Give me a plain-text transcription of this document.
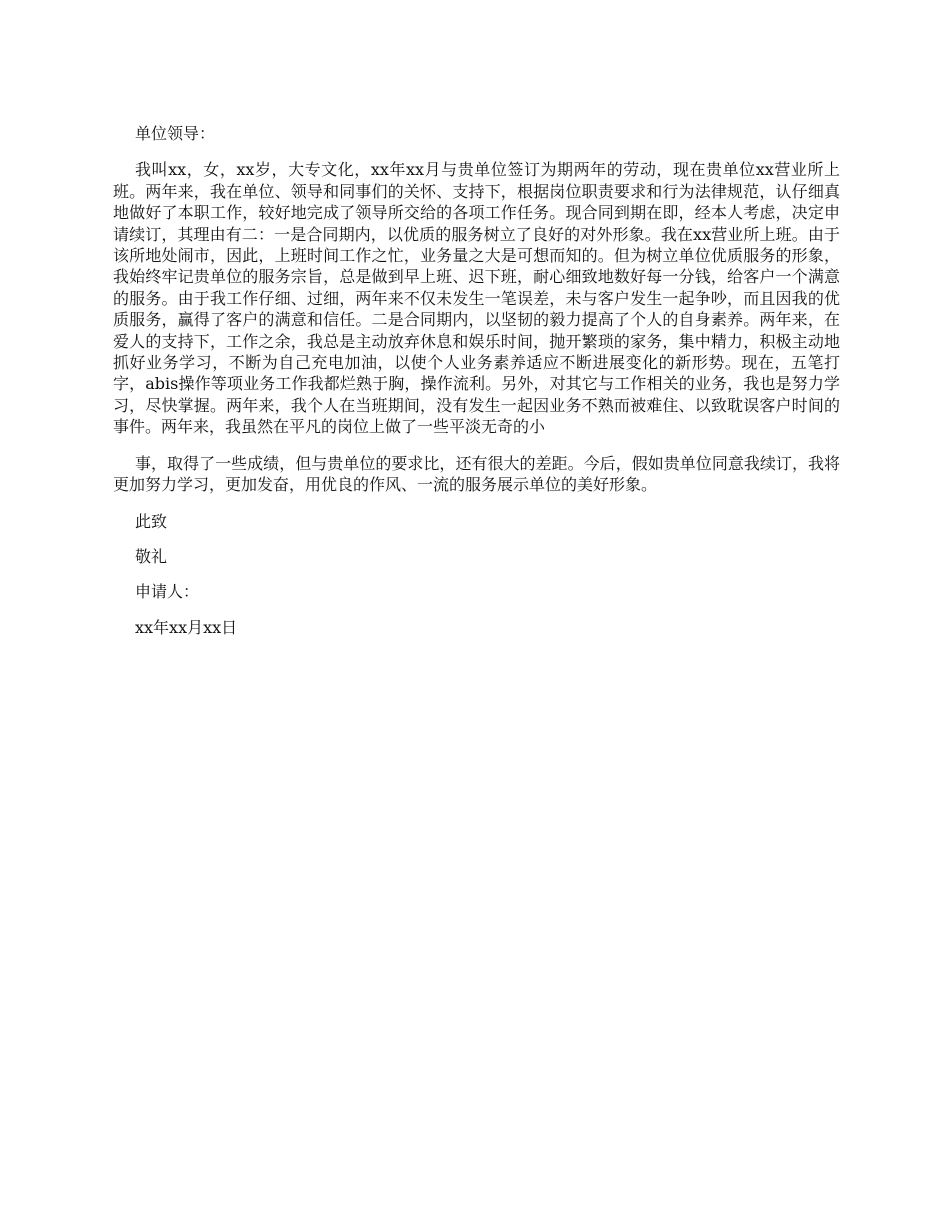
单位领导：
我叫xx，女，xx岁，大专文化，xx年xx月与贵单位签订为期两年的劳动，现在贵单位xx营业所上班。两年来，我在单位、领导和同事们的关怀、支持下，根据岗位职责要求和行为法律规范，认仔细真地做好了本职工作，较好地完成了领导所交给的各项工作任务。现合同到期在即，经本人考虑，决定申请续订，其理由有二：一是合同期内，以优质的服务树立了良好的对外形象。我在xx营业所上班。由于该所地处闹市，因此，上班时间工作之忙，业务量之大是可想而知的。但为树立单位优质服务的形象，我始终牢记贵单位的服务宗旨，总是做到早上班、迟下班，耐心细致地数好每一分钱，给客户一个满意的服务。由于我工作仔细、过细，两年来不仅未发生一笔误差，未与客户发生一起争吵，而且因我的优质服务，赢得了客户的满意和信任。二是合同期内，以坚韧的毅力提高了个人的自身素养。两年来，在爱人的支持下，工作之余，我总是主动放弃休息和娱乐时间，抛开繁琐的家务，集中精力，积极主动地抓好业务学习，不断为自己充电加油，以使个人业务素养适应不断进展变化的新形势。现在，五笔打字，abis操作等项业务工作我都烂熟于胸，操作流利。另外，对其它与工作相关的业务，我也是努力学习，尽快掌握。两年来，我个人在当班期间，没有发生一起因业务不熟而被难住、以致耽误客户时间的事件。两年来，我虽然在平凡的岗位上做了一些平淡无奇的小
事，取得了一些成绩，但与贵单位的要求比，还有很大的差距。今后，假如贵单位同意我续订，我将更加努力学习，更加发奋，用优良的作风、一流的服务展示单位的美好形象。
此致
敬礼
申请人：
xx年xx月xx日
